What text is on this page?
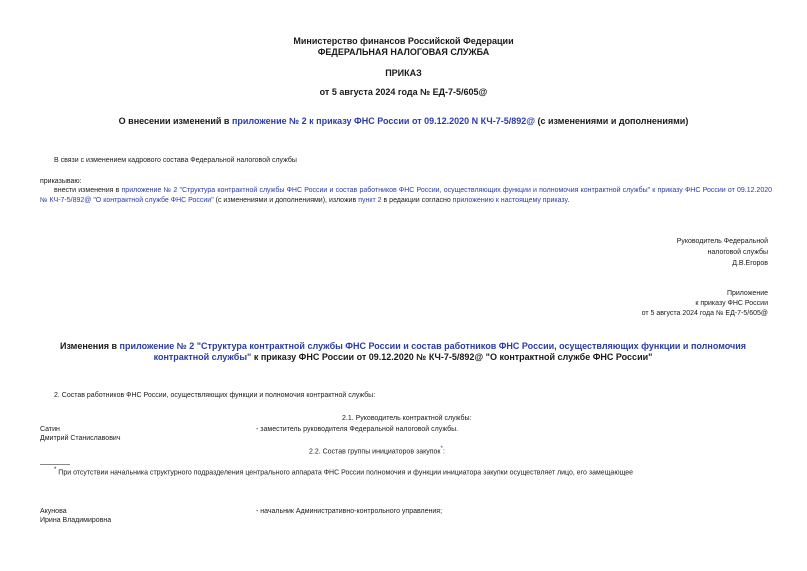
Министерство финансов Российской Федерации
ФЕДЕРАЛЬНАЯ НАЛОГОВАЯ СЛУЖБА
ПРИКАЗ
от 5 августа 2024 года № ЕД-7-5/605@
О внесении изменений в приложение № 2 к приказу ФНС России от 09.12.2020 N КЧ-7-5/892@ (с изменениями и дополнениями)
В связи с изменением кадрового состава Федеральной налоговой службы
приказываю:
внести изменения в приложение № 2 "Структура контрактной службы ФНС России и состав работников ФНС России, осуществляющих функции и полномочия контрактной службы" к приказу ФНС России от 09.12.2020 № КЧ-7-5/892@ "О контрактной службе ФНС России" (с изменениями и дополнениями), изложив пункт 2 в редакции согласно приложению к настоящему приказу.
Руководитель Федеральной
налоговой службы
Д.В.Егоров
Приложение
к приказу ФНС России
от 5 августа 2024 года № ЕД-7-5/605@
Изменения в приложение № 2 "Структура контрактной службы ФНС России и состав работников ФНС России, осуществляющих функции и полномочия контрактной службы" к приказу ФНС России от 09.12.2020 № КЧ-7-5/892@ "О контрактной службе ФНС России"
2. Состав работников ФНС России, осуществляющих функции и полномочия контрактной службы:
2.1. Руководитель контрактной службы:
Сатин	- заместитель руководителя Федеральной налоговой службы.
Дмитрий Станиславович
2.2. Состав группы инициаторов закупок*:
* При отсутствии начальника структурного подразделения центрального аппарата ФНС России полномочия и функции инициатора закупки осуществляет лицо, его замещающее
Акунова	- начальник Административно-контрольного управления;
Ирина Владимировна
